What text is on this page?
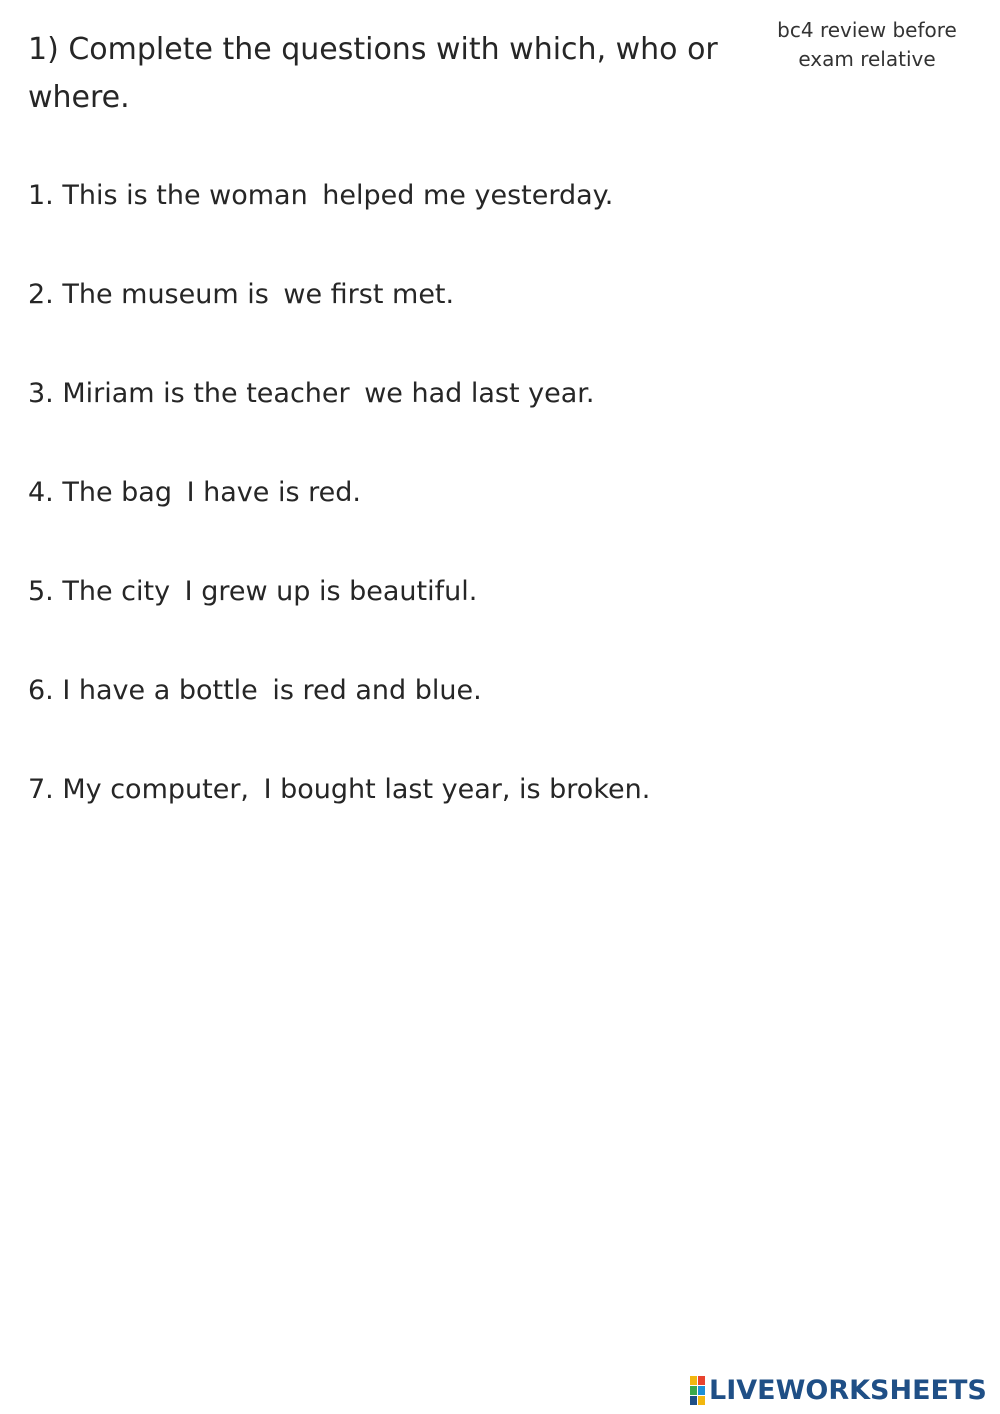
1) Complete the questions with which, who or where.
bc4 review before exam relative
1. This is the woman helped me yesterday.
2. The museum is we first met.
3. Miriam is the teacher we had last year.
4. The bag I have is red.
5. The city I grew up is beautiful.
6. I have a bottle is red and blue.
7. My computer, I bought last year, is broken.
LIVEWORKSHEETS
